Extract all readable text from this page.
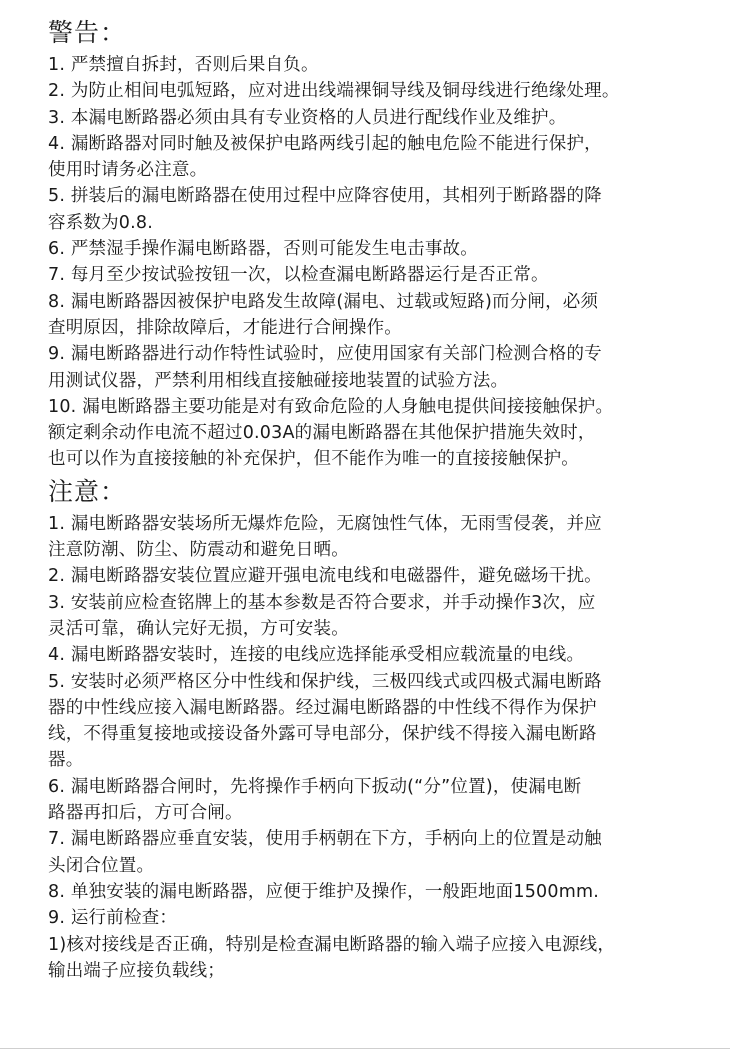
警告：

1. 严禁擅自拆封，否则后果自负。

2. 为防止相间电弧短路，应对进出线端裸铜导线及铜母线进行绝缘处理。

3. 本漏电断路器必须由具有专业资格的人员进行配线作业及维护。

4. 漏断路器对同时触及被保护电路两线引起的触电危险不能进行保护，
使用时请务必注意。

5. 拼装后的漏电断路器在使用过程中应降容使用，其相列于断路器的降
容系数为0.8.

6. 严禁湿手操作漏电断路器，否则可能发生电击事故。

7. 每月至少按试验按钮一次，以检查漏电断路器运行是否正常。

8. 漏电断路器因被保护电路发生故障(漏电、过载或短路)而分闸，必须
查明原因，排除故障后，才能进行合闸操作。

9. 漏电断路器进行动作特性试验时，应使用国家有关部门检测合格的专
用测试仪器，严禁利用相线直接触碰接地装置的试验方法。

10. 漏电断路器主要功能是对有致命危险的人身触电提供间接接触保护。
额定剩余动作电流不超过0.03A的漏电断路器在其他保护措施失效时，
也可以作为直接接触的补充保护，但不能作为唯一的直接接触保护。

注意：

1. 漏电断路器安装场所无爆炸危险，无腐蚀性气体，无雨雪侵袭，并应
注意防潮、防尘、防震动和避免日晒。

2. 漏电断路器安装位置应避开强电流电线和电磁器件，避免磁场干扰。

3. 安装前应检查铭牌上的基本参数是否符合要求，并手动操作3次，应
灵活可靠，确认完好无损，方可安装。

4. 漏电断路器安装时，连接的电线应选择能承受相应载流量的电线。

5. 安装时必须严格区分中性线和保护线，三极四线式或四极式漏电断路
器的中性线应接入漏电断路器。经过漏电断路器的中性线不得作为保护
线，不得重复接地或接设备外露可导电部分，保护线不得接入漏电断路
器。

6. 漏电断路器合闸时，先将操作手柄向下扳动(“分”位置)，使漏电断
路器再扣后，方可合闸。

7. 漏电断路器应垂直安装，使用手柄朝在下方，手柄向上的位置是动触
头闭合位置。

8. 单独安装的漏电断路器，应便于维护及操作，一般距地面1500mm.

9. 运行前检查：

1)核对接线是否正确，特别是检查漏电断路器的输入端子应接入电源线，
输出端子应接负载线；
